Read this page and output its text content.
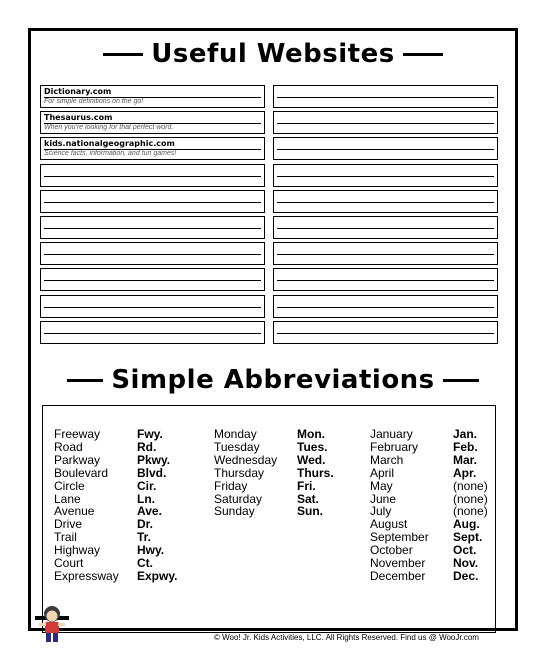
Useful Websites
Dictionary.com
For simple definitions on the go!
Thesaurus.com
When you're looking for that perfect word.
kids.nationalgeographic.com
Science facts, information, and fun games!
Simple Abbreviations
Freeway
Road
Parkway
Boulevard
Circle
Lane
Avenue
Drive
Trail
Highway
Court
Expressway
Fwy.
Rd.
Pkwy.
Blvd.
Cir.
Ln.
Ave.
Dr.
Tr.
Hwy.
Ct.
Expwy.
Monday
Tuesday
Wednesday
Thursday
Friday
Saturday
Sunday
Mon.
Tues.
Wed.
Thurs.
Fri.
Sat.
Sun.
January
February
March
April
May
June
July
August
September
October
November
December
Jan.
Feb.
Mar.
Apr.
(none)
(none)
(none)
Aug.
Sept.
Oct.
Nov.
Dec.
© Woo! Jr. Kids Activities, LLC. All Rights Reserved. Find us @ WooJr.com
